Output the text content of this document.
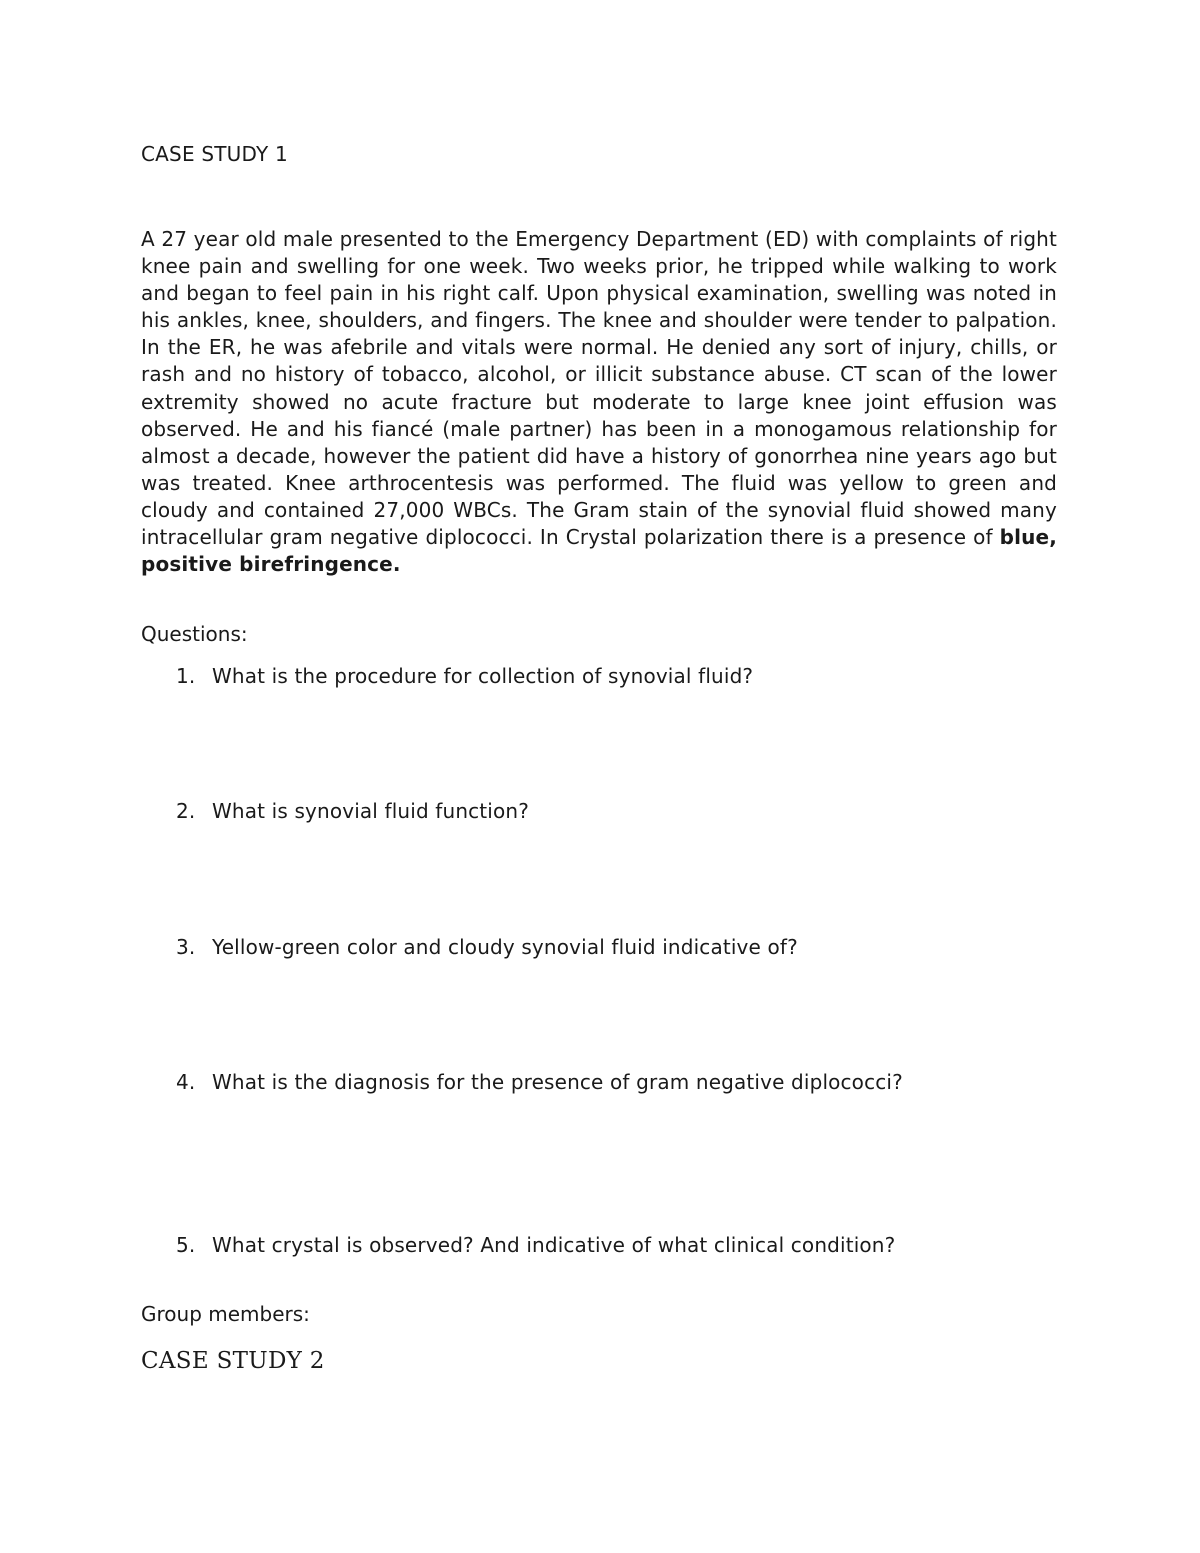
CASE STUDY 1

A 27 year old male presented to the Emergency Department (ED) with complaints of right knee pain and swelling for one week. Two weeks prior, he tripped while walking to work and began to feel pain in his right calf. Upon physical examination, swelling was noted in his ankles, knee, shoulders, and fingers. The knee and shoulder were tender to palpation. In the ER, he was afebrile and vitals were normal. He denied any sort of injury, chills, or rash and no history of tobacco, alcohol, or illicit substance abuse. CT scan of the lower extremity showed no acute fracture but moderate to large knee joint effusion was observed. He and his fiancé (male partner) has been in a monogamous relationship for almost a decade, however the patient did have a history of gonorrhea nine years ago but was treated. Knee arthrocentesis was performed. The fluid was yellow to green and cloudy and contained 27,000 WBCs. The Gram stain of the synovial fluid showed many intracellular gram negative diplococci. In Crystal polarization there is a presence of blue, positive birefringence.

Questions:
1. What is the procedure for collection of synovial fluid?
2. What is synovial fluid function?
3. Yellow-green color and cloudy synovial fluid indicative of?
4. What is the diagnosis for the presence of gram negative diplococci?
5. What crystal is observed? And indicative of what clinical condition?
Group members:
CASE STUDY 2
